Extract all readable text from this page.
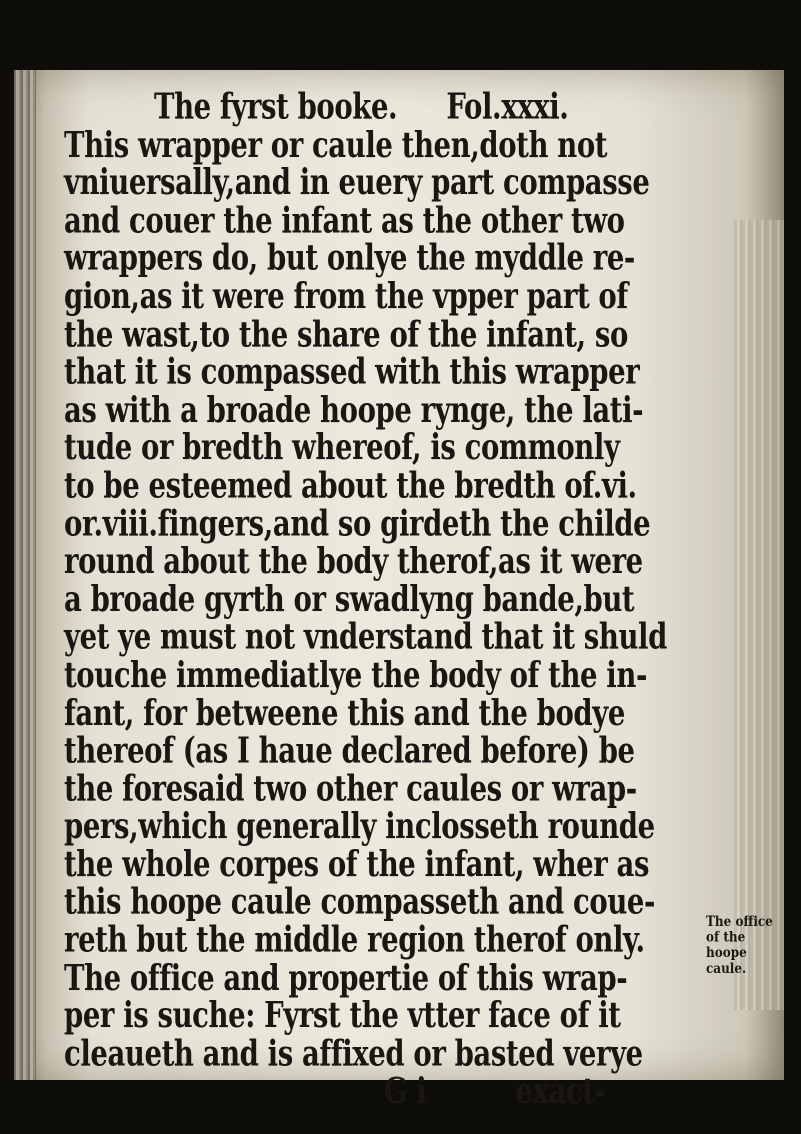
The fyrst booke. Fol.xxxi.
This wrapper or caule then,doth not
vniuersally,and in euery part compasse
and couer the infant as the other two
wrappers do, but onlye the myddle re-
gion,as it were from the vpper part of
the wast,to the share of the infant, so
that it is compassed with this wrapper
as with a broade hoope rynge, the lati-
tude or bredth whereof, is commonly
to be esteemed about the bredth of.vi.
or.viii.fingers,and so girdeth the childe
round about the body therof,as it were
a broade gyrth or swadlyng bande,but
yet ye must not vnderstand that it shuld
touche immediatlye the body of the in-
fant, for betweene this and the bodye
thereof (as I haue declared before) be
the foresaid two other caules or wrap-
pers,which generally inclosseth rounde
the whole corpes of the infant, wher as
this hoope caule compasseth and coue-
reth but the middle region therof only.
The office and propertie of this wrap-
per is suche: Fyrst the vtter face of it
cleaueth and is affixed or basted verye
G i	exact-
The office
of the hoope
caule.
